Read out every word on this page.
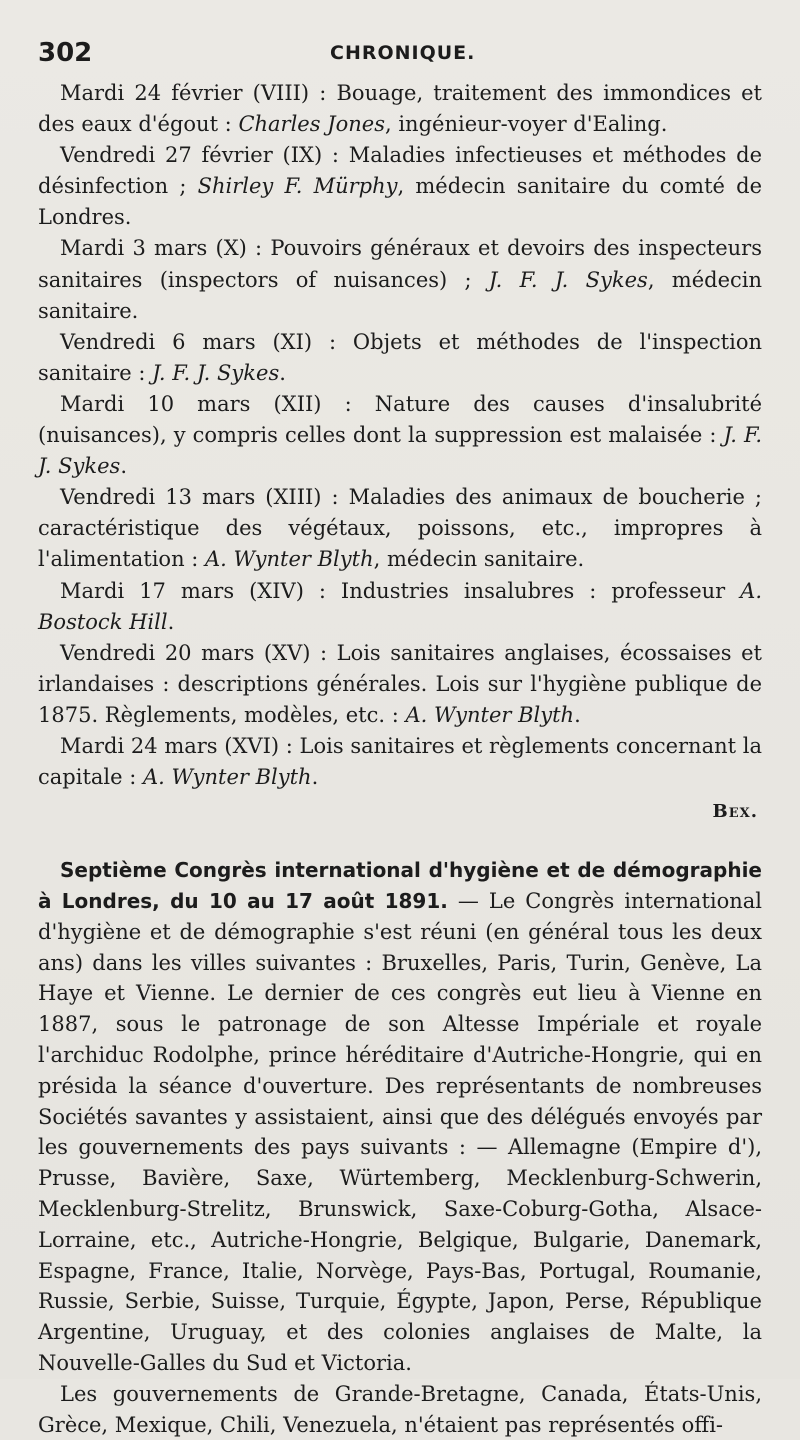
302	CHRONIQUE.

Mardi 24 février (VIII) : Bouage, traitement des immondices et des eaux d'égout : Charles Jones, ingénieur-voyer d'Ealing.

Vendredi 27 février (IX) : Maladies infectieuses et méthodes de désinfection ; Shirley F. Mürphy, médecin sanitaire du comté de Londres.

Mardi 3 mars (X) : Pouvoirs généraux et devoirs des inspecteurs sanitaires (inspectors of nuisances) ; J. F. J. Sykes, médecin sanitaire.

Vendredi 6 mars (XI) : Objets et méthodes de l'inspection sanitaire : J. F. J. Sykes.

Mardi 10 mars (XII) : Nature des causes d'insalubrité (nuisances), y compris celles dont la suppression est malaisée : J. F. J. Sykes.

Vendredi 13 mars (XIII) : Maladies des animaux de boucherie ; caractéristique des végétaux, poissons, etc., impropres à l'alimentation : A. Wynter Blyth, médecin sanitaire.

Mardi 17 mars (XIV) : Industries insalubres : professeur A. Bostock Hill.

Vendredi 20 mars (XV) : Lois sanitaires anglaises, écossaises et irlandaises : descriptions générales. Lois sur l'hygiène publique de 1875. Règlements, modèles, etc. : A. Wynter Blyth.

Mardi 24 mars (XVI) : Lois sanitaires et règlements concernant la capitale : A. Wynter Blyth.

Bex.

Septième Congrès international d'hygiène et de démographie à Londres, du 10 au 17 août 1891. — Le Congrès international d'hygiène et de démographie s'est réuni (en général tous les deux ans) dans les villes suivantes : Bruxelles, Paris, Turin, Genève, La Haye et Vienne. Le dernier de ces congrès eut lieu à Vienne en 1887, sous le patronage de son Altesse Impériale et royale l'archiduc Rodolphe, prince héréditaire d'Autriche-Hongrie, qui en présida la séance d'ouverture. Des représentants de nombreuses Sociétés savantes y assistaient, ainsi que des délégués envoyés par les gouvernements des pays suivants : — Allemagne (Empire d'), Prusse, Bavière, Saxe, Würtemberg, Mecklenburg-Schwerin, Mecklenburg-Strelitz, Brunswick, Saxe-Coburg-Gotha, Alsace-Lorraine, etc., Autriche-Hongrie, Belgique, Bulgarie, Danemark, Espagne, France, Italie, Norvège, Pays-Bas, Portugal, Roumanie, Russie, Serbie, Suisse, Turquie, Égypte, Japon, Perse, République Argentine, Uruguay, et des colonies anglaises de Malte, la Nouvelle-Galles du Sud et Victoria.

Les gouvernements de Grande-Bretagne, Canada, États-Unis, Grèce, Mexique, Chili, Venezuela, n'étaient pas représentés offi-
